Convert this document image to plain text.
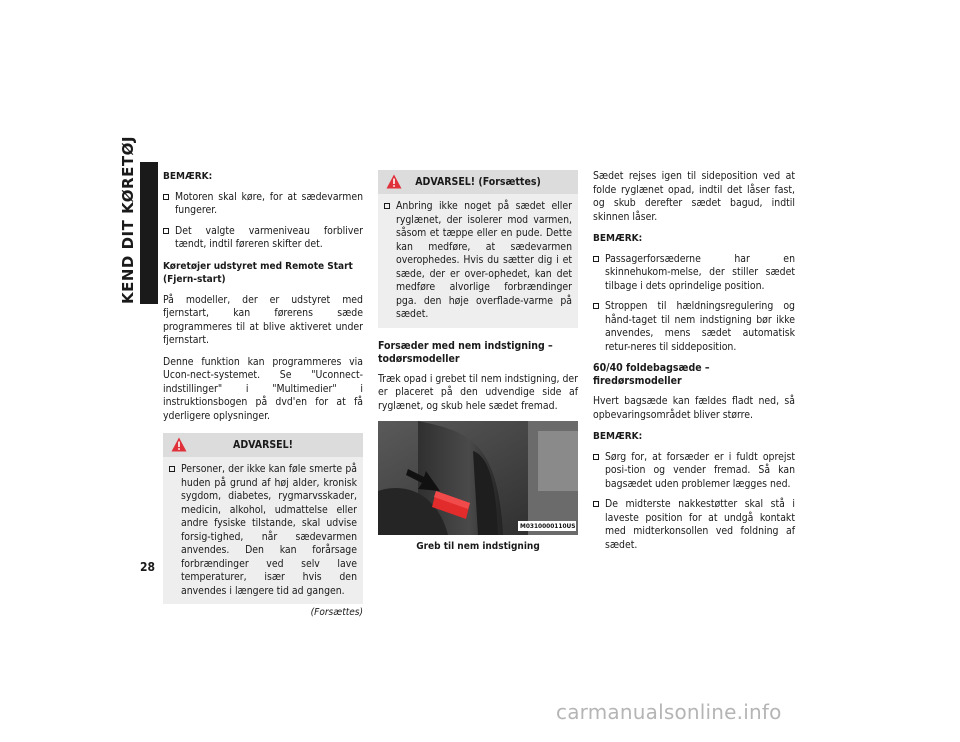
KEND DIT KØRETØJ	BEMÆRK:
Motoren skal køre, for at sædevarmen fungerer.
Det valgte varmeniveau forbliver tændt, indtil føreren skifter det.
Køretøjer udstyret med Remote Start (Fjern-start)

På modeller, der er udstyret med fjernstart, kan førerens sæde programmeres til at blive aktiveret under fjernstart.

Denne funktion kan programmeres via Ucon-nect-systemet. Se "Uconnect-indstillinger" i "Multimedier" i instruktionsbogen på dvd'en for at få yderligere oplysninger.

ADVARSEL!
Personer, der ikke kan føle smerte på huden på grund af høj alder, kronisk sygdom, diabetes, rygmarvsskader, medicin, alkohol, udmattelse eller andre fysiske tilstande, skal udvise forsig-tighed, når sædevarmen anvendes. Den kan forårsage forbrændinger ved selv lave temperaturer, især hvis den anvendes i længere tid ad gangen.
(Forsættes)
ADVARSEL! (Forsættes)
Anbring ikke noget på sædet eller ryglænet, der isolerer mod varmen, såsom et tæppe eller en pude. Dette kan medføre, at sædevarmen overophedes. Hvis du sætter dig i et sæde, der er over-ophedet, kan det medføre alvorlige forbrændinger pga. den høje overflade-varme på sædet.
Forsæder med nem indstigning – todørsmodeller

Træk opad i grebet til nem indstigning, der er placeret på den udvendige side af ryglænet, og skub hele sædet fremad.

M0310000110US
Greb til nem indstigning

Sædet rejses igen til sideposition ved at folde ryglænet opad, indtil det låser fast, og skub derefter sædet bagud, indtil skinnen låser.

BEMÆRK:
Passagerforsæderne har en skinnehukom-melse, der stiller sædet tilbage i dets oprindelige position.
Stroppen til hældningsregulering og hånd-taget til nem indstigning bør ikke anvendes, mens sædet automatisk retur-neres til siddeposition.
60/40 foldebagsæde – firedørsmodeller

Hvert bagsæde kan fældes fladt ned, så opbevaringsområdet bliver større.

BEMÆRK:
Sørg for, at forsæder er i fuldt oprejst posi-tion og vender fremad. Så kan bagsædet uden problemer lægges ned.
De midterste nakkestøtter skal stå i laveste position for at undgå kontakt med midterkonsollen ved foldning af sædet.
28
carmanualsonline.info
